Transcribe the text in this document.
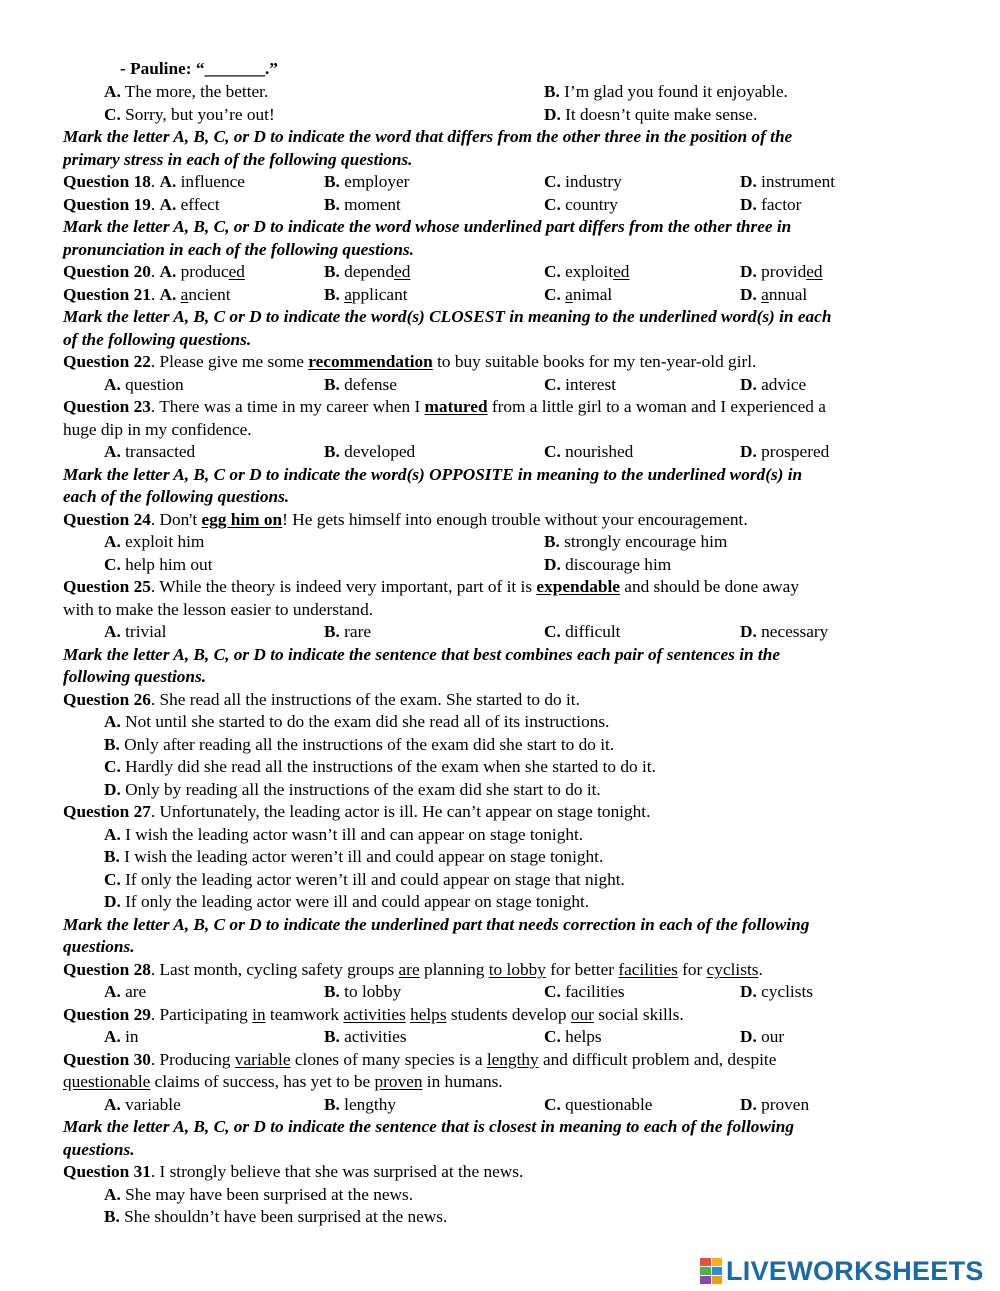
- Pauline: “_______.”
A. The more, the better.	B. I’m glad you found it enjoyable.
C. Sorry, but you’re out!	D. It doesn’t quite make sense.
Mark the letter A, B, C, or D to indicate the word that differs from the other three in the position of the
primary stress in each of the following questions.
Question 18. A. influence	B. employer	C. industry	D. instrument
Question 19. A. effect	B. moment	C. country	D. factor
Mark the letter A, B, C, or D to indicate the word whose underlined part differs from the other three in
pronunciation in each of the following questions.
Question 20. A. produced	B. depended	C. exploited	D. provided
Question 21. A. ancient	B. applicant	C. animal	D. annual
Mark the letter A, B, C or D to indicate the word(s) CLOSEST in meaning to the underlined word(s) in each
of the following questions.
Question 22. Please give me some recommendation to buy suitable books for my ten-year-old girl.
A. question	B. defense	C. interest	D. advice
Question 23. There was a time in my career when I matured from a little girl to a woman and I experienced a
huge dip in my confidence.
A. transacted	B. developed	C. nourished	D. prospered
Mark the letter A, B, C or D to indicate the word(s) OPPOSITE in meaning to the underlined word(s) in
each of the following questions.
Question 24. Don't egg him on! He gets himself into enough trouble without your encouragement.
A. exploit him	B. strongly encourage him
C. help him out	D. discourage him
Question 25. While the theory is indeed very important, part of it is expendable and should be done away
with to make the lesson easier to understand.
A. trivial	B. rare	C. difficult	D. necessary
Mark the letter A, B, C, or D to indicate the sentence that best combines each pair of sentences in the
following questions.
Question 26. She read all the instructions of the exam. She started to do it.
A. Not until she started to do the exam did she read all of its instructions.
B. Only after reading all the instructions of the exam did she start to do it.
C. Hardly did she read all the instructions of the exam when she started to do it.
D. Only by reading all the instructions of the exam did she start to do it.
Question 27. Unfortunately, the leading actor is ill. He can’t appear on stage tonight.
A. I wish the leading actor wasn’t ill and can appear on stage tonight.
B. I wish the leading actor weren’t ill and could appear on stage tonight.
C. If only the leading actor weren’t ill and could appear on stage that night.
D. If only the leading actor were ill and could appear on stage tonight.
Mark the letter A, B, C or D to indicate the underlined part that needs correction in each of the following
questions.
Question 28. Last month, cycling safety groups are planning to lobby for better facilities for cyclists.
A. are	B. to lobby	C. facilities	D. cyclists
Question 29. Participating in teamwork activities helps students develop our social skills.
A. in	B. activities	C. helps	D. our
Question 30. Producing variable clones of many species is a lengthy and difficult problem and, despite
questionable claims of success, has yet to be proven in humans.
A. variable	B. lengthy	C. questionable	D. proven
Mark the letter A, B, C, or D to indicate the sentence that is closest in meaning to each of the following
questions.
Question 31. I strongly believe that she was surprised at the news.
A. She may have been surprised at the news.
B. She shouldn’t have been surprised at the news.
LIVEWORKSHEETS
